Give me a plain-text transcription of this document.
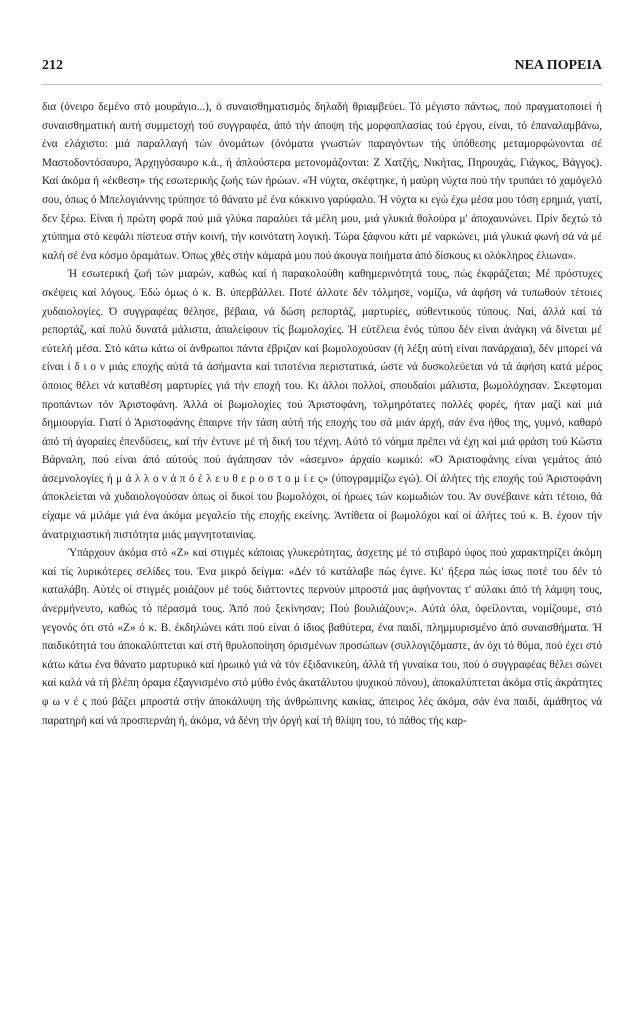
212	ΝΕΑ ΠΟΡΕΙΑ

δια (όνειρο δεμένο στό μουράγιο...), ό συναισθηματισμός δηλαδή θριαμβεύει. Τό μέγιστο πάντως, πού πραγματοποιεί ή συναισθηματική αυτή συμμετοχή τού συγγραφέα, άπό τήν άποψη τής μορφοπλασίας τού έργου, είναι, τό έπαναλαμβάνω, ένα ελάχιστο: μιά παραλλαγή τών όνομάτων (όνόματα γνωστών παραγόντων τής ύπόθεσης μεταμορφώνονται σέ Μαστοδοντόσαυρο, Άρχηγόσαυρο κ.ά., ή άπλούστερα μετονομάζονται: Ζ Χατζής, Νικήτας, Πηρουχάς, Γιάγκος, Βάγγος). Καί άκόμα ή «έκθεση» τής εσωτερικής ζωής τών ήρώων. «Ή νύχτα, σκέφτηκε, ή μαύρη νύχτα πού τήν τρυπάει τό χαμόγελό σου, όπως ό Μπελογιάννης τρύπησε τό θάνατο μέ ένα κόκκινο γαρύφαλο. Ή νύχτα κι εγώ έχω μέσα μου τόση ερημιά, γιατί, δεν ξέρω. Είναι ή πρώτη φορά πού μιά γλύκα παραλύει τά μέλη μου, μιά γλυκιά θολούρα μ' άποχαυνώνει. Πρίν δεχτώ τό χτύπημα στό κεφάλι πίστευα στήν κοινή, τήν κοινότατη λογική. Τώρα ξάφνου κάτι μέ ναρκώνει, μιά γλυκιά φωνή σά νά μέ καλή σέ ένα κόσμο όραμάτων. Όπως χθές στήν κάμαρά μου πού άκουγα ποιήματα άπό δίσκους κι ολόκληρος έλιωνα».

Ή εσωτερική ζωή τών μιαρών, καθώς καί ή παρακολούθη καθημερινότητά τους, πώς έκφράζεται; Μέ πρόστυχες σκέψεις καί λόγους. Έδώ όμως ό κ. Β. ύπερβάλλει. Ποτέ άλλοτε δέν τόλμησε, νομίζω, νά άφήση νά τυπωθούν τέτοιες χυδαιολογίες. Ό συγγραφέας θέλησε, βέβαια, νά δώση ρεπορτάζ, μαρτυρίες, αύθεντικούς τύπους. Ναί, άλλά καί τά ρεπορτάζ, καί πολύ δυνατά μάλιστα, άπαλείφουν τίς βωμολοχίες. Ή εύτέλεια ένός τύπου δέν είναι άνάγκη νά δίνεται μέ εύτελή μέσα. Στό κάτω κάτω οί άνθρωποι πάντα έβριζαν καί βωμολοχούσαν (ή λέξη αύτή είναι πανάρχαια), δέν μπορεί νά είναι ί δ ι ο ν μιάς εποχής αύτά τά άσήμαντα καί τιποτένια περιστατικά, ώστε νά δυσκολεύεται νά τά άφήση κατά μέρος όποιος θέλει νά καταθέση μαρτυρίες γιά τήν εποχή του. Κι άλλοι πολλοί, σπουδαίοι μάλιστα, βωμολόχησαν. Σκεφτομαι προπάντων τόν Άριστοφάνη. Άλλά οί βωμολοχίες τού Άριστοφάνη, τολμηρότατες πολλές φορές, ήταν μαζί καί μιά δημιουργία. Γιατί ό Άριστοφάνης έπαιρνε τήν τάση αύτή τής εποχής του σά μιάν άρχή, σάν ένα ήθος της, γυμνό, καθαρό άπό τή άγοραίες έπενδύσεις, καί τήν έντυνε μέ τή δική του τέχνη. Αύτό τό νόημα πρέπει νά έχη καί μιά φράση τού Κώστα Βάρναλη, πού είναι άπό αύτούς πού άγάπησαν τόν «άσεμνο» άρχαίο κωμικό: «Ό Άριστοφάνης είναι γεμάτος άπό άσεμνολογίες ή μ ά λ λ ο ν ά π ό έ λ ε υ θ ε ρ ο σ τ ο μ ί ε ς» (ύπογραμμίζω εγώ). Οί άλήτες τής εποχής τού Άριστοφάνη άποκλείεται νά χυδαιολογούσαν όπως οί δικοί του βωμολόχοι, οί ήρωες τών κωμωδιών του. Άν συνέβαινε κάτι τέτοιο, θά είχαμε νά μιλάμε γιά ένα άκόμα μεγαλείο τής εποχής εκείνης. Άντίθετα οί βωμολόχοι καί οί άλήτες τού κ. Β. έχουν τήν άνατριχιαστική πιστότητα μιάς μαγνητοταινίας.

Ύπάρχουν άκόμα στό «Ζ» καί στιγμές κάποιας γλυκερότητας, άσχετης μέ τό στιβαρό ύφος πού χαρακτηρίζει άκόμη καί τίς λυρικότερες σελίδες του. Ένα μικρό δείγμα: «Δέν τό κατάλαβε πώς έγινε. Κι' ήξερα πώς ίσως ποτέ του δέν τό καταλάβη. Αύτές οί στιγμές μοιάζουν μέ τούς διάττοντες περνούν μπροστά μας άφήνοντας τ' αύλακι άπό τή λάμψη τους, άνερμήνευτο, καθώς τό πέρασμά τους. Άπό πού ξεκίνησαν; Πού βουλιάζουν;». Αύτά όλα, όφείλονται, νομίζουμε, στό γεγονός ότι στό «Ζ» ό κ. Β. έκδηλώνει κάτι πού είναι ό ίδιος βαθύτερα, ένα παιδί, πλημμυρισμένο άπό συναισθήματα. Ή παιδικότητά του άποκαλύπτεται καί στή θρυλοποίηση όρισμένων προσώπων (συλλογιζόμαστε, άν όχι τό θύμα, πού έχει στό κάτω κάτω ένα θάνατο μαρτυρικό καί ήρωικό γιά νά τόν έξιδανικεύη, άλλά τή γυναίκα του, πού ό συγγραφέας θέλει σώνει καί καλά νά τή βλέπη όραμα έξαγνισμένο στό μύθο ένός άκατάλυτου ψυχικού πόνου), άποκαλύπτεται άκόμα στίς άκράτητες φ ω ν έ ς πού βάζει μπροστά στήν άποκάλυψη τής άνθρώπινης κακίας, άπειρος λές άκόμα, σάν ένα παιδί, άμάθητος νά παρατηρή καί νά προσπερνάη ή, άκόμα, νά δένη τήν όργή καί τή θλίψη του, τό πάθος τής καρ-
